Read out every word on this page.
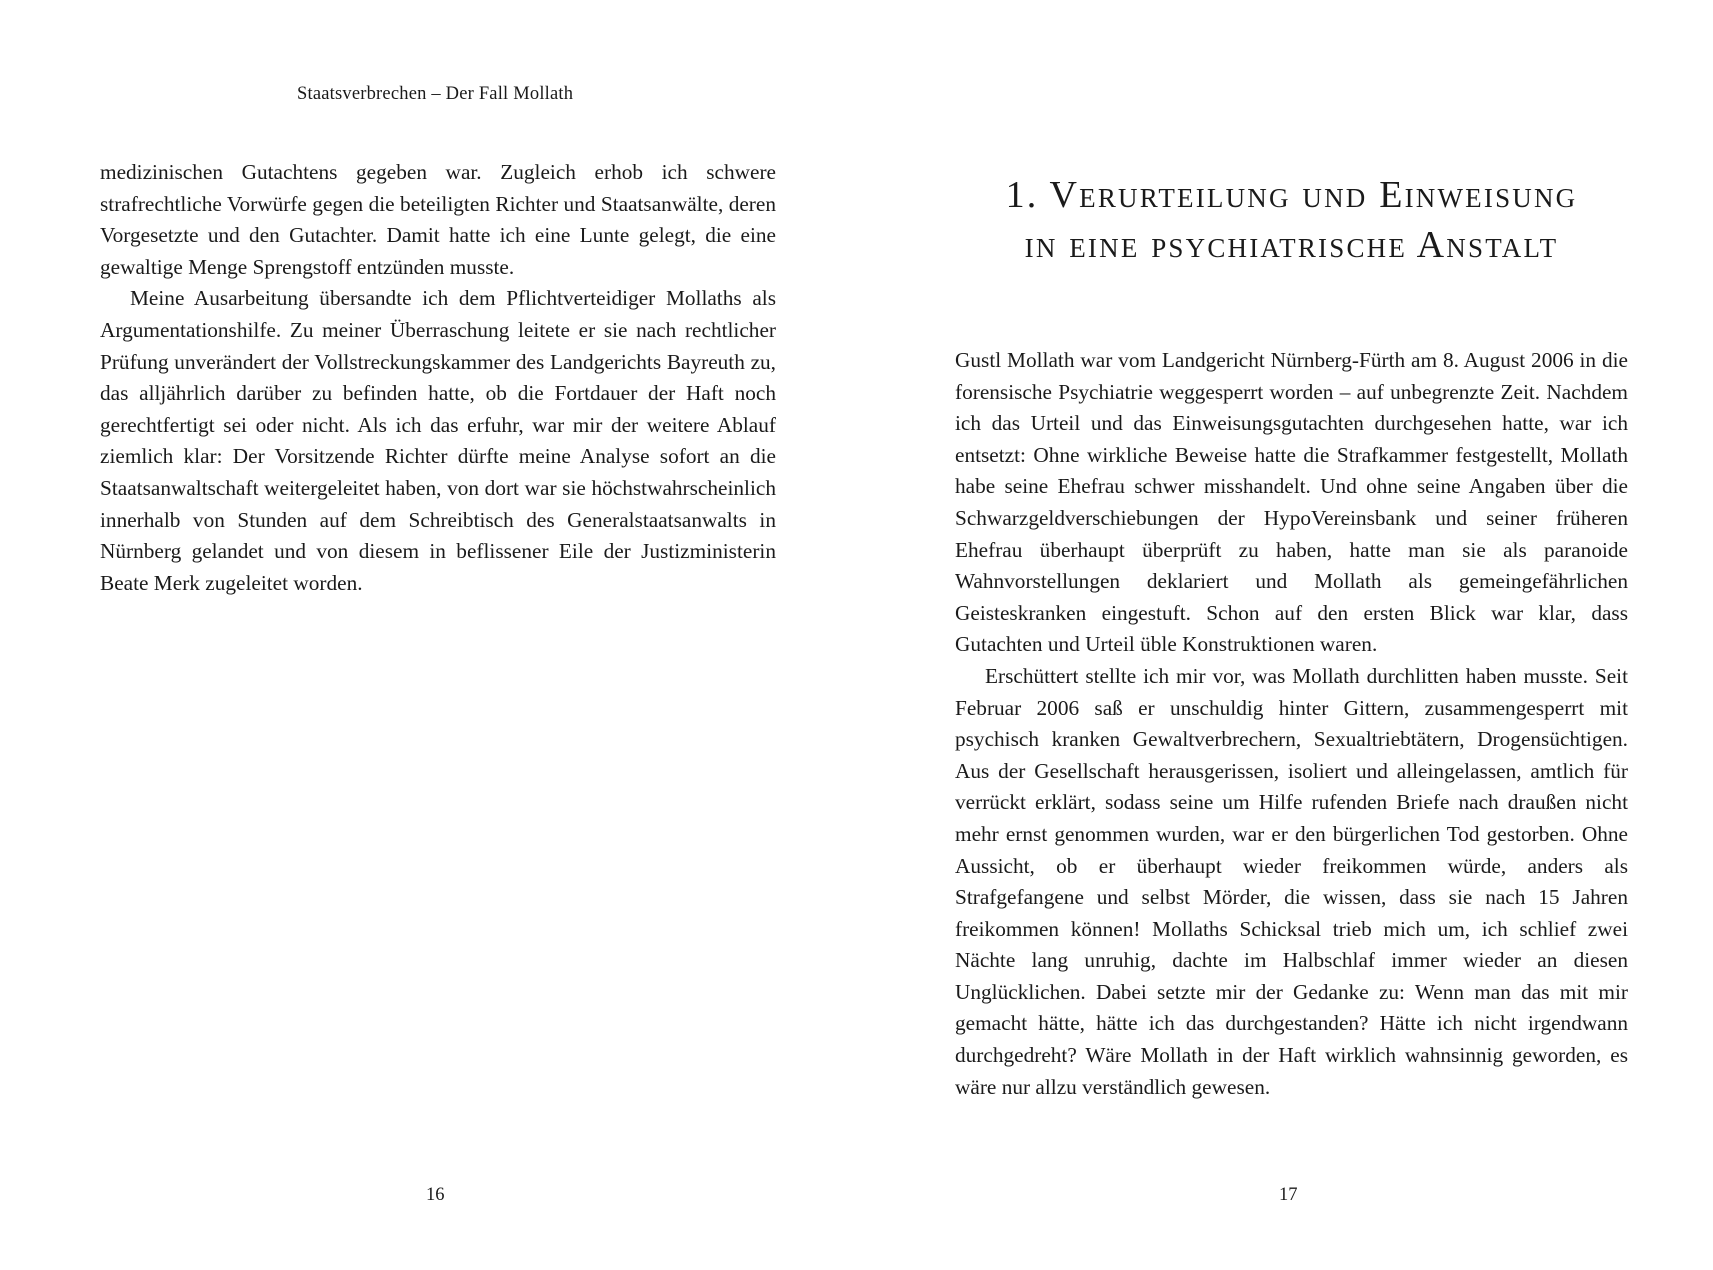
Staatsverbrechen – Der Fall Mollath

medizinischen Gutachtens gegeben war. Zugleich erhob ich schwere strafrechtliche Vorwürfe gegen die beteiligten Richter und Staatsanwälte, deren Vorgesetzte und den Gutachter. Damit hatte ich eine Lunte gelegt, die eine gewaltige Menge Sprengstoff entzünden musste.

Meine Ausarbeitung übersandte ich dem Pflichtverteidiger Mollaths als Argumentationshilfe. Zu meiner Überraschung leitete er sie nach rechtlicher Prüfung unverändert der Vollstreckungskammer des Landgerichts Bayreuth zu, das alljährlich darüber zu befinden hatte, ob die Fortdauer der Haft noch gerechtfertigt sei oder nicht. Als ich das erfuhr, war mir der weitere Ablauf ziemlich klar: Der Vorsitzende Richter dürfte meine Analyse sofort an die Staatsanwaltschaft weitergeleitet haben, von dort war sie höchstwahrscheinlich innerhalb von Stunden auf dem Schreibtisch des Generalstaatsanwalts in Nürnberg gelandet und von diesem in beflissener Eile der Justizministerin Beate Merk zugeleitet worden.

16
1. Verurteilung und Einweisung
in eine psychiatrische Anstalt

Gustl Mollath war vom Landgericht Nürnberg-Fürth am 8. August 2006 in die forensische Psychiatrie weggesperrt worden – auf unbegrenzte Zeit. Nachdem ich das Urteil und das Einweisungsgutachten durchgesehen hatte, war ich entsetzt: Ohne wirkliche Beweise hatte die Strafkammer festgestellt, Mollath habe seine Ehefrau schwer misshandelt. Und ohne seine Angaben über die Schwarzgeldverschiebungen der HypoVereinsbank und seiner früheren Ehefrau überhaupt überprüft zu haben, hatte man sie als paranoide Wahnvorstellungen deklariert und Mollath als gemeingefährlichen Geisteskranken eingestuft. Schon auf den ersten Blick war klar, dass Gutachten und Urteil üble Konstruktionen waren.

Erschüttert stellte ich mir vor, was Mollath durchlitten haben musste. Seit Februar 2006 saß er unschuldig hinter Gittern, zusammengesperrt mit psychisch kranken Gewaltverbrechern, Sexualtriebtätern, Drogensüchtigen. Aus der Gesellschaft herausgerissen, isoliert und alleingelassen, amtlich für verrückt erklärt, sodass seine um Hilfe rufenden Briefe nach draußen nicht mehr ernst genommen wurden, war er den bürgerlichen Tod gestorben. Ohne Aussicht, ob er überhaupt wieder freikommen würde, anders als Strafgefangene und selbst Mörder, die wissen, dass sie nach 15 Jahren freikommen können! Mollaths Schicksal trieb mich um, ich schlief zwei Nächte lang unruhig, dachte im Halbschlaf immer wieder an diesen Unglücklichen. Dabei setzte mir der Gedanke zu: Wenn man das mit mir gemacht hätte, hätte ich das durchgestanden? Hätte ich nicht irgendwann durchgedreht? Wäre Mollath in der Haft wirklich wahnsinnig geworden, es wäre nur allzu verständlich gewesen.

17
